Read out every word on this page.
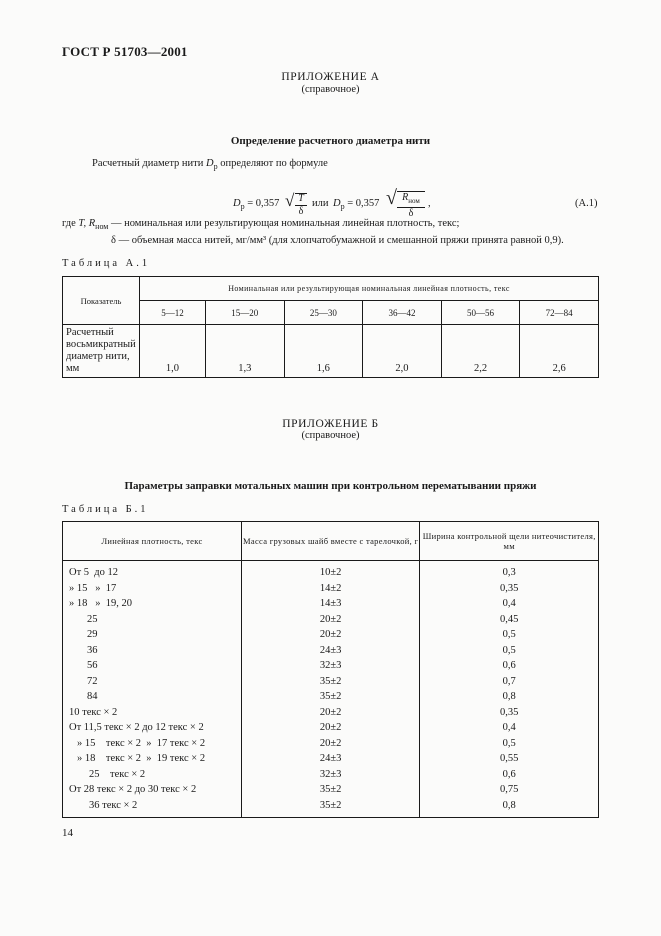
ГОСТ Р 51703—2001
ПРИЛОЖЕНИЕ А
(справочное)
Определение расчетного диаметра нити
Расчетный диаметр нити $D_р$ определяют по формуле
$D_p = 0,357$ √ $\frac{T}{\delta}$ или $D_p = 0,357$ √ $R_{ном}$
δ
,	(А.1)
где T, $R_{ном}$ — номинальная или результирующая номинальная линейная плотность, текс;
δ — объемная масса нитей, мг/мм³ (для хлопчатобумажной и смешанной пряжи принята равной 0,9).
Таблица А.1
Показатель	Номинальная или результирующая номинальная линейная плотность, текс					
	5—12	15—20	25—30	36—42	50—56	72—84
Расчетный восьмикратный диаметр нити, мм	1,0	1,3	1,6	2,0	2,2	2,6
ПРИЛОЖЕНИЕ Б
(справочное)
Параметры заправки мотальных машин при контрольном перематывании пряжи
Таблица Б.1
Линейная плотность, текс	Масса грузовых шайб вместе с тарелочкой, г	Ширина контрольной щели нитеочистителя, мм
От 5  до 12	10±2	0,3
» 15   »  17	14±2	0,35
» 18   »  19, 20	14±3	0,4
25	20±2	0,45
29	20±2	0,5
36	24±3	0,5
56	32±3	0,6
72	35±2	0,7
84	35±2	0,8
10 текс × 2	20±2	0,35
От 11,5 текс × 2 до 12 текс × 2	20±2	0,4
» 15    текс × 2  »  17 текс × 2	20±2	0,5
» 18    текс × 2  »  19 текс × 2	24±3	0,55
25    текс × 2	32±3	0,6
От 28 текс × 2 до 30 текс × 2	35±2	0,75
36 текс × 2	35±2	0,8
14
